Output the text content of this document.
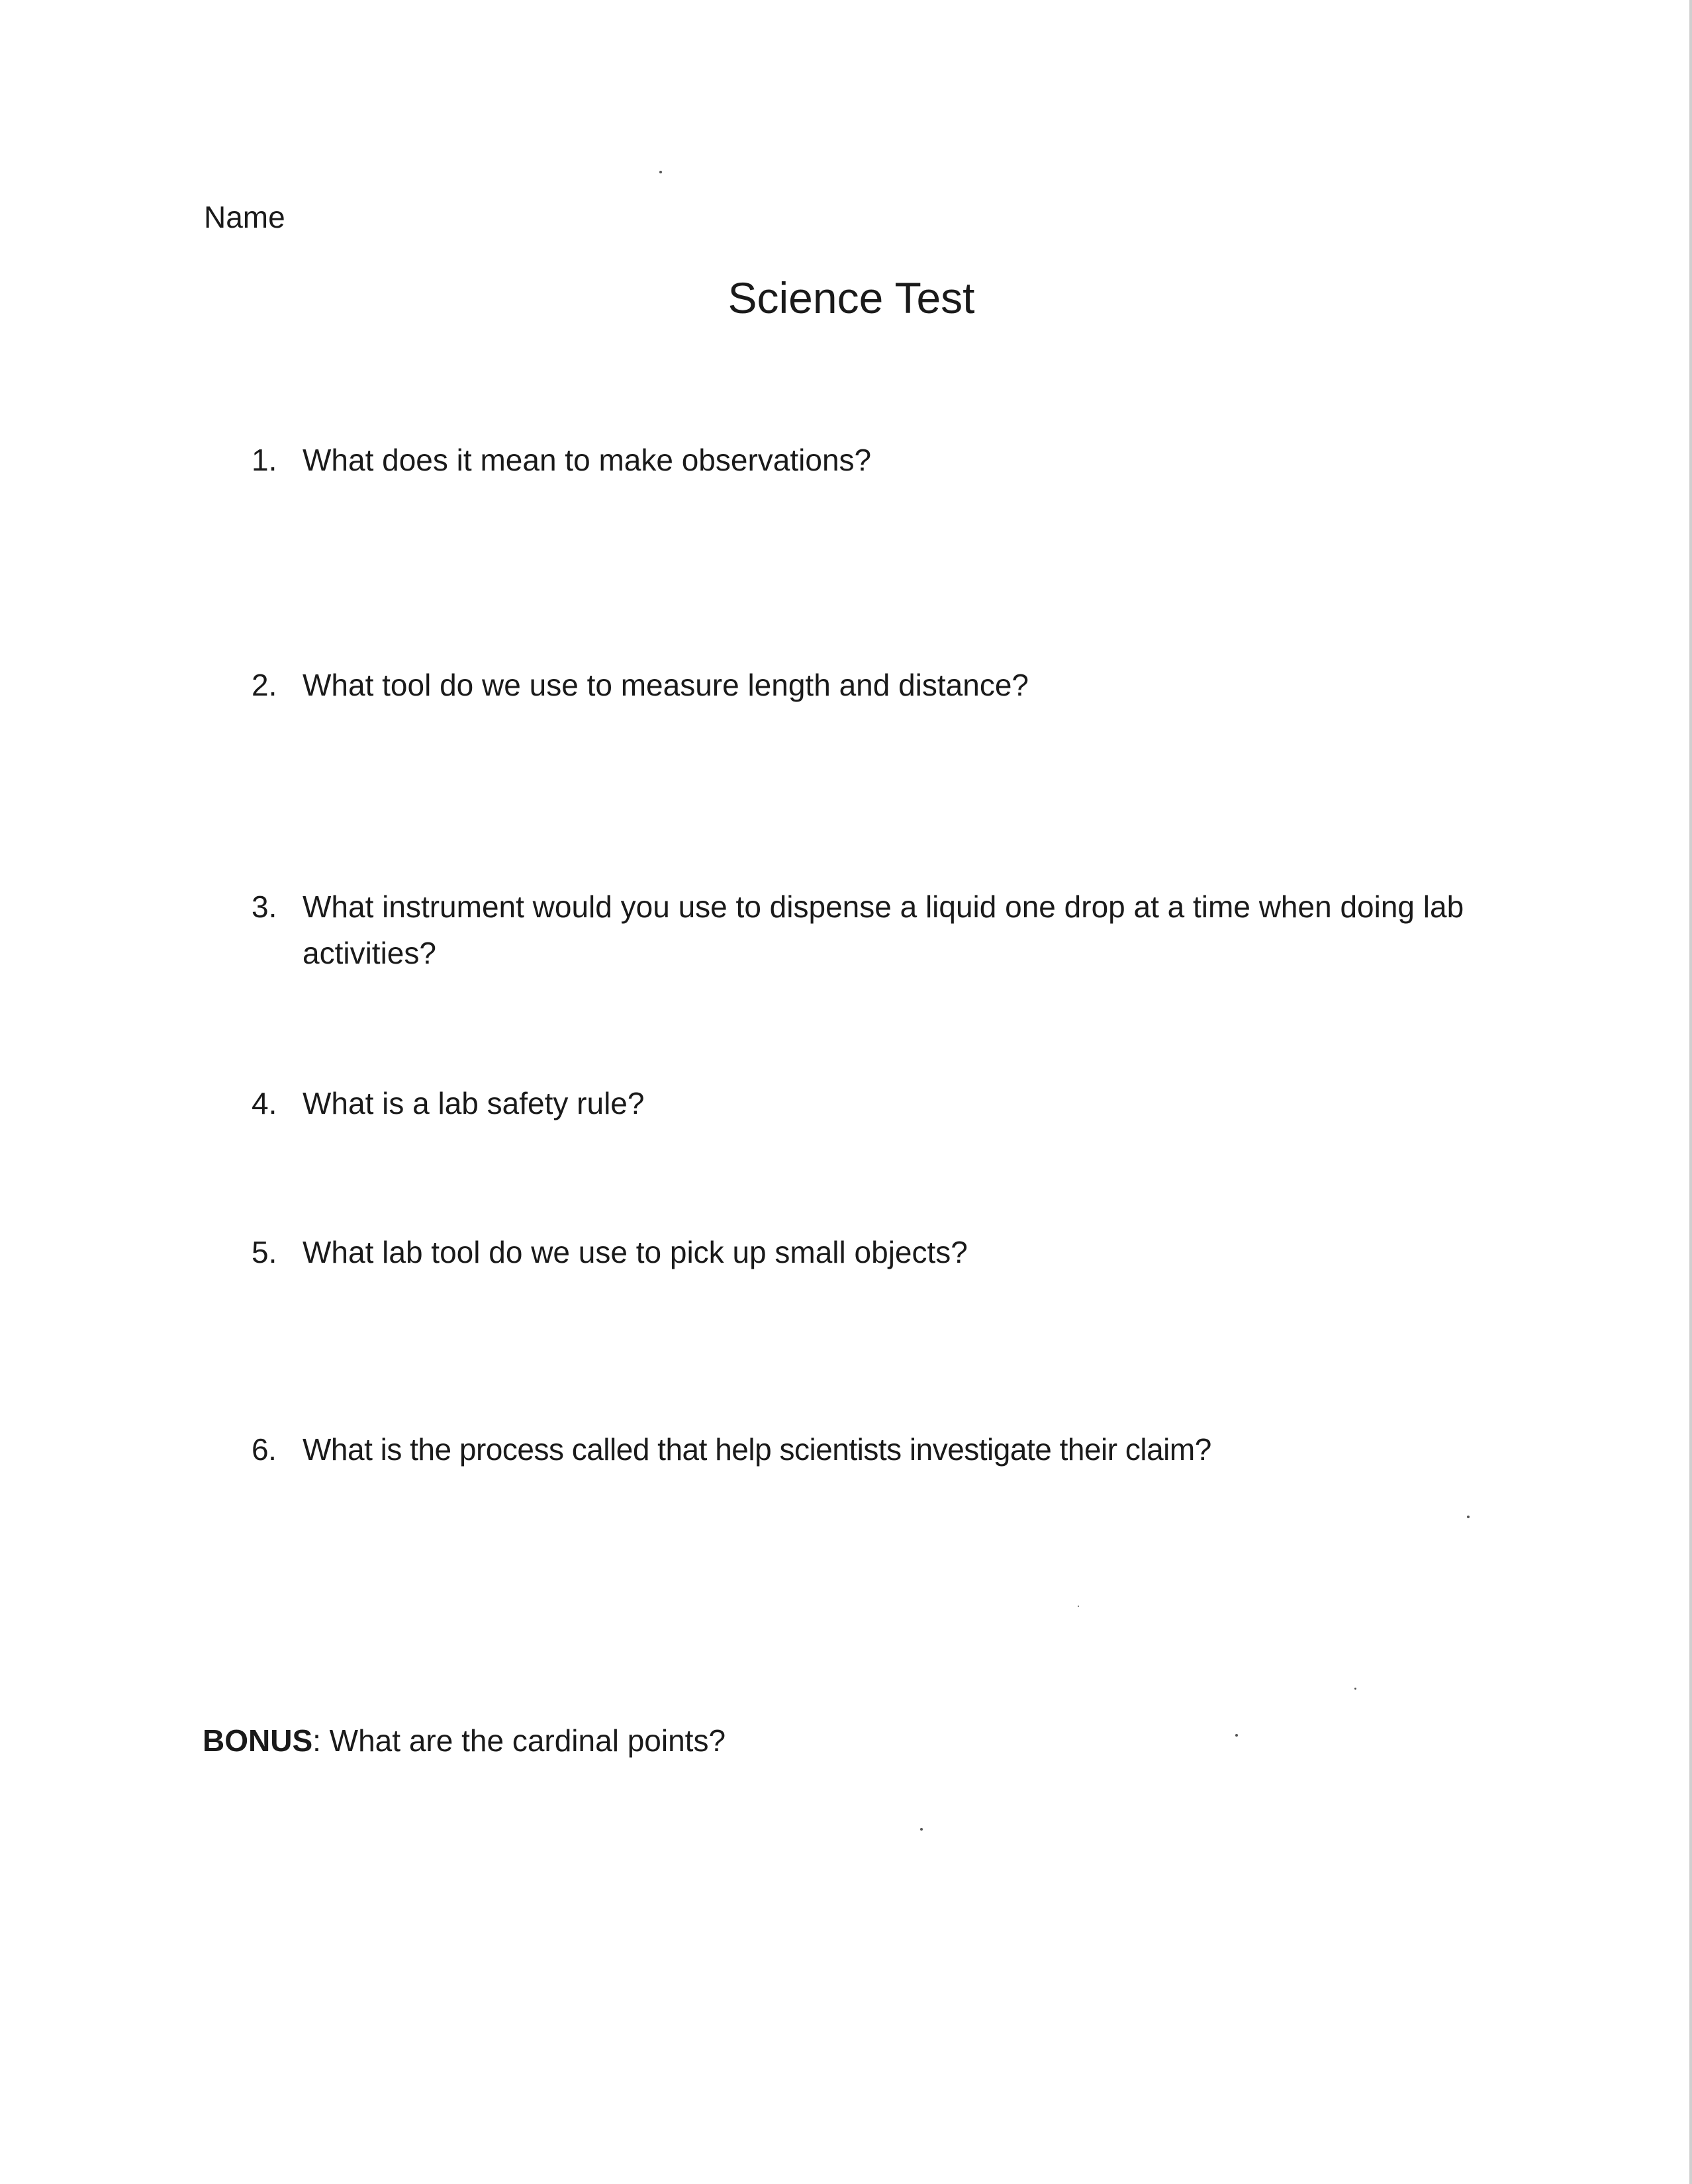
Name
Science Test
1. What does it mean to make observations?
2. What tool do we use to measure length and distance?
3. What instrument would you use to dispense a liquid one drop at a time when doing lab activities?
4. What is a lab safety rule?
5. What lab tool do we use to pick up small objects?
6. What is the process called that help scientists investigate their claim?
BONUS: What are the cardinal points?
